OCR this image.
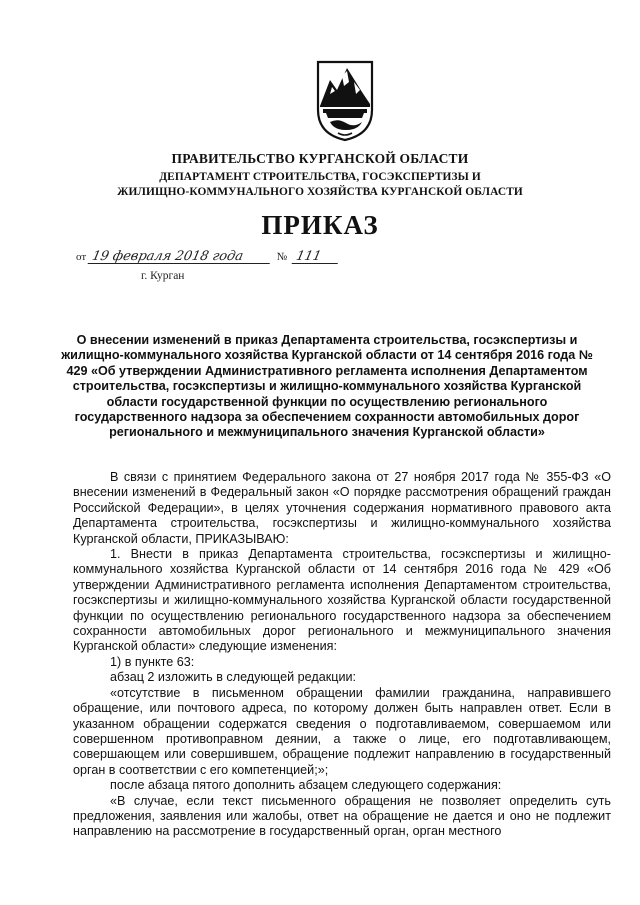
ПРАВИТЕЛЬСТВО КУРГАНСКОЙ ОБЛАСТИ
ДЕПАРТАМЕНТ СТРОИТЕЛЬСТВА, ГОСЭКСПЕРТИЗЫ И
ЖИЛИЩНО-КОММУНАЛЬНОГО ХОЗЯЙСТВА КУРГАНСКОЙ ОБЛАСТИ
ПРИКАЗ
от 19 февраля 2018 года	№ 111
г. Курган

О внесении изменений в приказ Департамента строительства, госэкспертизы и жилищно-коммунального хозяйства Курганской области от 14 сентября 2016 года № 429 «Об утверждении Административного регламента исполнения Департаментом строительства, госэкспертизы и жилищно-коммунального хозяйства Курганской области государственной функции по осуществлению регионального государственного надзора за обеспечением сохранности автомобильных дорог регионального и межмуниципального значения Курганской области»

В связи с принятием Федерального закона от 27 ноября 2017 года № 355-ФЗ «О внесении изменений в Федеральный закон «О порядке рассмотрения обращений граждан Российской Федерации», в целях уточнения содержания нормативного правового акта Департамента строительства, госэкспертизы и жилищно-коммунального хозяйства Курганской области, ПРИКАЗЫВАЮ:

1. Внести в приказ Департамента строительства, госэкспертизы и жилищно-коммунального хозяйства Курганской области от 14 сентября 2016 года № 429 «Об утверждении Административного регламента исполнения Департаментом строительства, госэкспертизы и жилищно-коммунального хозяйства Курганской области государственной функции по осуществлению регионального государственного надзора за обеспечением сохранности автомобильных дорог регионального и межмуниципального значения Курганской области» следующие изменения:

1) в пункте 63:

абзац 2 изложить в следующей редакции:

«отсутствие в письменном обращении фамилии гражданина, направившего обращение, или почтового адреса, по которому должен быть направлен ответ. Если в указанном обращении содержатся сведения о подготавливаемом, совершаемом или совершенном противоправном деянии, а также о лице, его подготавливающем, совершающем или совершившем, обращение подлежит направлению в государственный орган в соответствии с его компетенцией;»;

после абзаца пятого дополнить абзацем следующего содержания:

«В случае, если текст письменного обращения не позволяет определить суть предложения, заявления или жалобы, ответ на обращение не дается и оно не подлежит направлению на рассмотрение в государственный орган, орган местного
